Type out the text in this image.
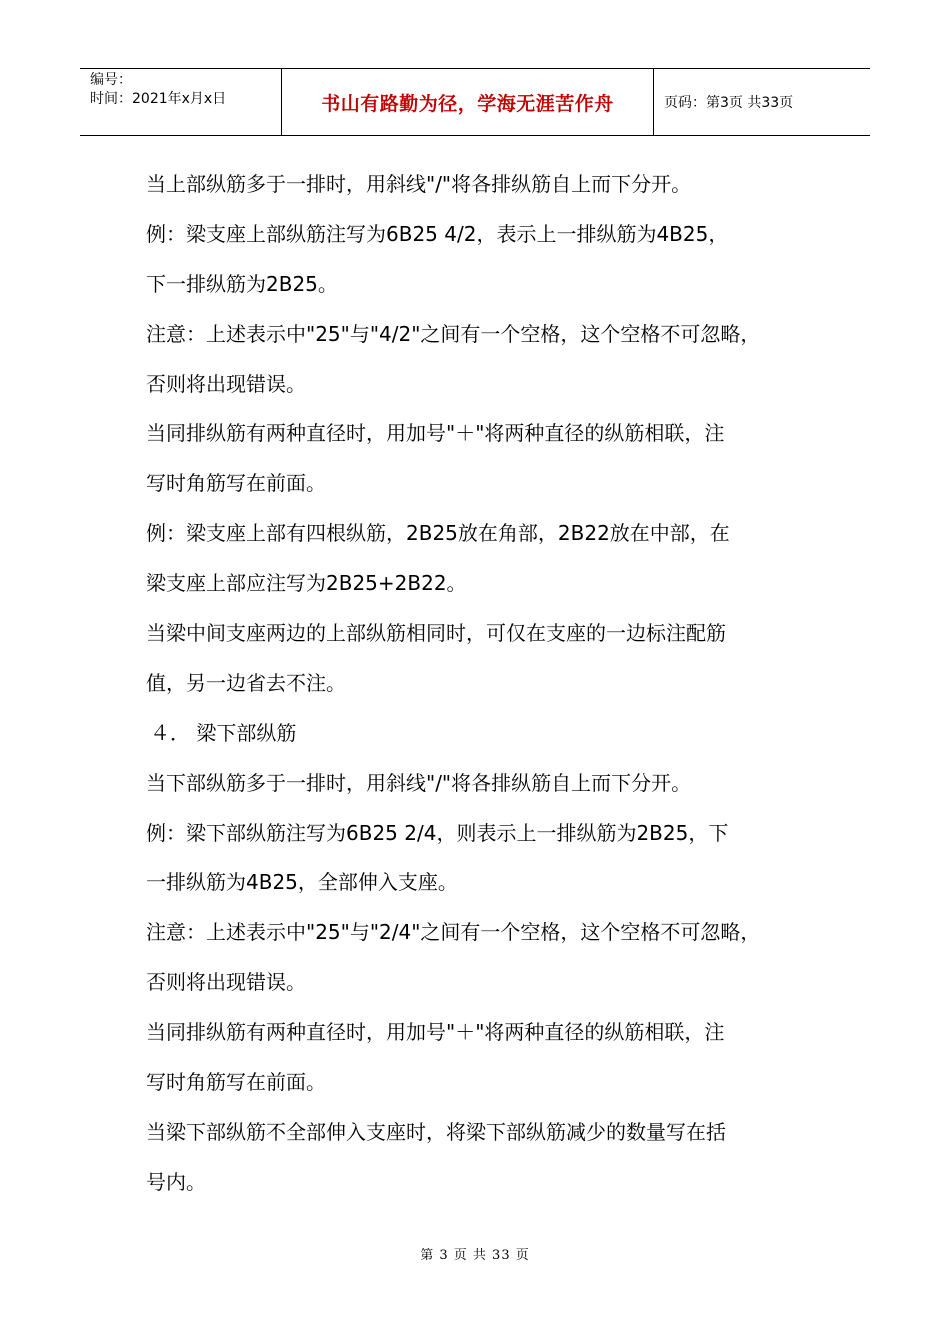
编号：
时间：2021年x月x日	书山有路勤为径，学海无涯苦作舟	页码：第3页 共33页
当上部纵筋多于一排时，用斜线"/"将各排纵筋自上而下分开。
例：梁支座上部纵筋注写为6B25 4/2，表示上一排纵筋为4B25，
下一排纵筋为2B25。
注意：上述表示中"25"与"4/2"之间有一个空格，这个空格不可忽略，
否则将出现错误。
当同排纵筋有两种直径时，用加号"＋"将两种直径的纵筋相联，注
写时角筋写在前面。
例：梁支座上部有四根纵筋，2B25放在角部，2B22放在中部，在
梁支座上部应注写为2B25+2B22。
当梁中间支座两边的上部纵筋相同时，可仅在支座的一边标注配筋
值，另一边省去不注。
４． 梁下部纵筋
当下部纵筋多于一排时，用斜线"/"将各排纵筋自上而下分开。
例：梁下部纵筋注写为6B25 2/4，则表示上一排纵筋为2B25，下
一排纵筋为4B25，全部伸入支座。
注意：上述表示中"25"与"2/4"之间有一个空格，这个空格不可忽略，
否则将出现错误。
当同排纵筋有两种直径时，用加号"＋"将两种直径的纵筋相联，注
写时角筋写在前面。
当梁下部纵筋不全部伸入支座时，将梁下部纵筋减少的数量写在括
号内。
第 3 页 共 33 页
